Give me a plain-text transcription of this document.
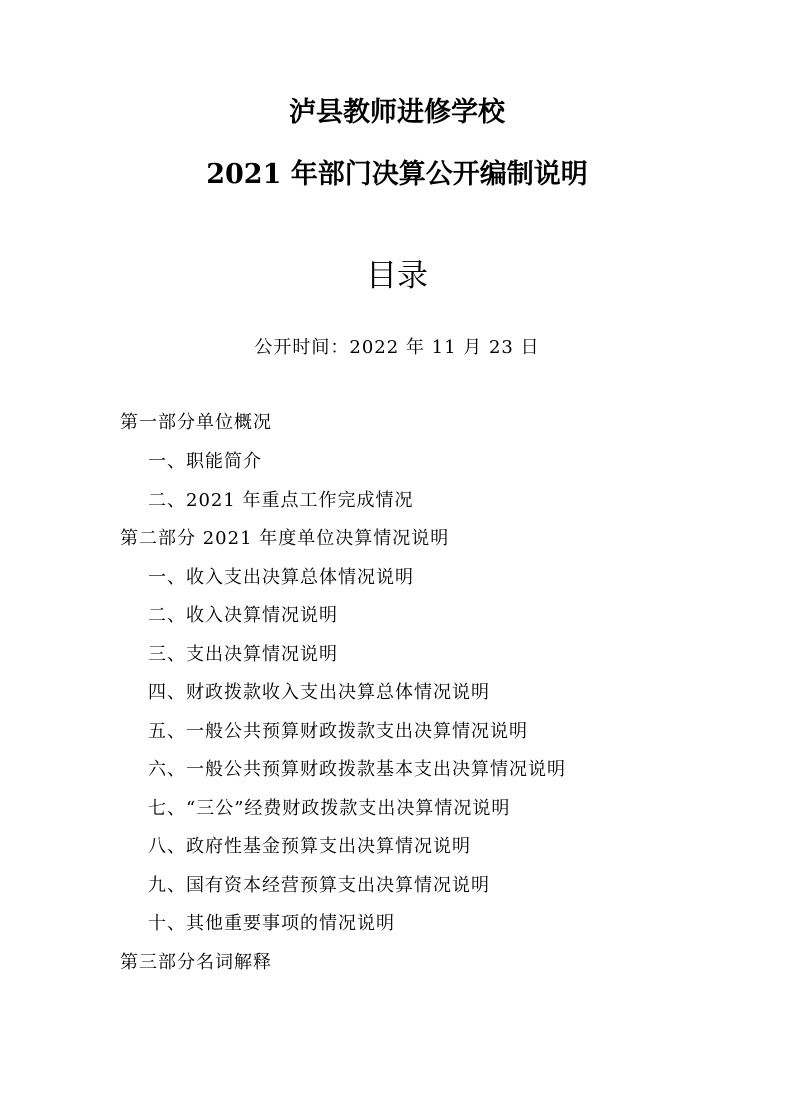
泸县教师进修学校
2021 年部门决算公开编制说明
目录
公开时间：2022 年 11 月 23 日
第一部分单位概况
一、职能简介
二、2021 年重点工作完成情况
第二部分 2021 年度单位决算情况说明
一、收入支出决算总体情况说明
二、收入决算情况说明
三、支出决算情况说明
四、财政拨款收入支出决算总体情况说明
五、一般公共预算财政拨款支出决算情况说明
六、一般公共预算财政拨款基本支出决算情况说明
七、“三公”经费财政拨款支出决算情况说明
八、政府性基金预算支出决算情况说明
九、国有资本经营预算支出决算情况说明
十、其他重要事项的情况说明
第三部分名词解释
